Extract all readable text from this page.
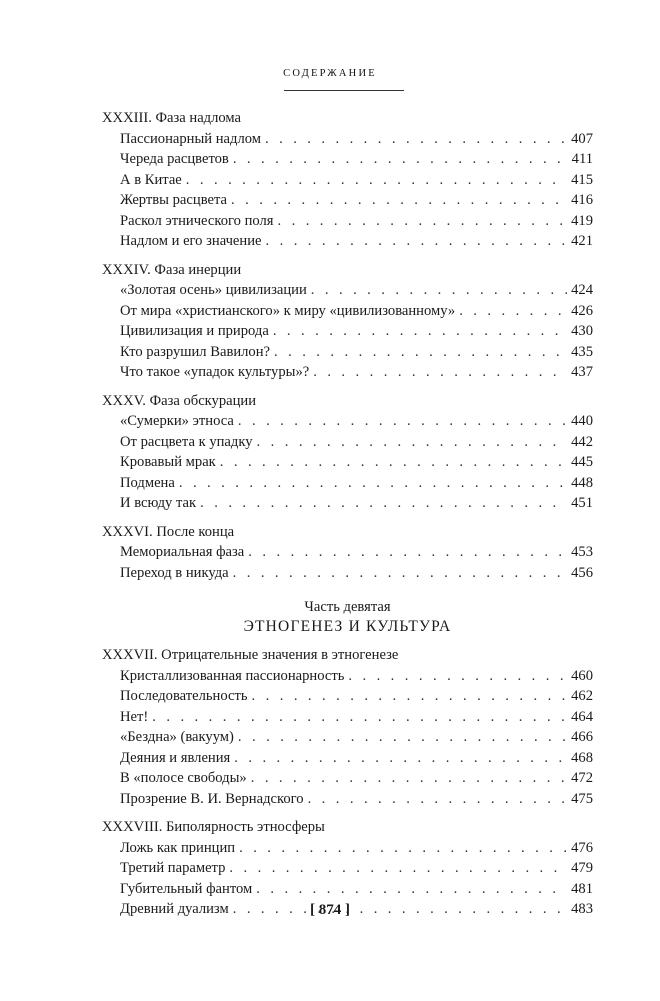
СОДЕРЖАНИЕ
XXXIII. Фаза надлома
Пассионарный надлом . . .	407
Череда расцветов . . .	411
А в Китае . . .	415
Жертвы расцвета . . .	416
Раскол этнического поля . . .	419
Надлом и его значение . . .	421
XXXIV. Фаза инерции
«Золотая осень» цивилизации . . .	424
От мира «христианского» к миру «цивилизованному» . . .	426
Цивилизация и природа . . .	430
Кто разрушил Вавилон? . . .	435
Что такое «упадок культуры»? . . .	437
XXXV. Фаза обскурации
«Сумерки» этноса . . .	440
От расцвета к упадку . . .	442
Кровавый мрак . . .	445
Подмена . . .	448
И всюду так . . .	451
XXXVI. После конца
Мемориальная фаза . . .	453
Переход в никуда . . .	456
Часть девятая
ЭТНОГЕНЕЗ И КУЛЬТУРА
XXXVII. Отрицательные значения в этногенезе
Кристаллизованная пассионарность . . .	460
Последовательность . . .	462
Нет! . . .	464
«Бездна» (вакуум) . . .	466
Деяния и явления . . .	468
В «полосе свободы» . . .	472
Прозрение В. И. Вернадского . . .	475
XXXVIII. Биполярность этносферы
Ложь как принцип . . .	476
Третий параметр . . .	479
Губительный фантом . . .	481
Древний дуализм . . .	483
[ 874 ]
